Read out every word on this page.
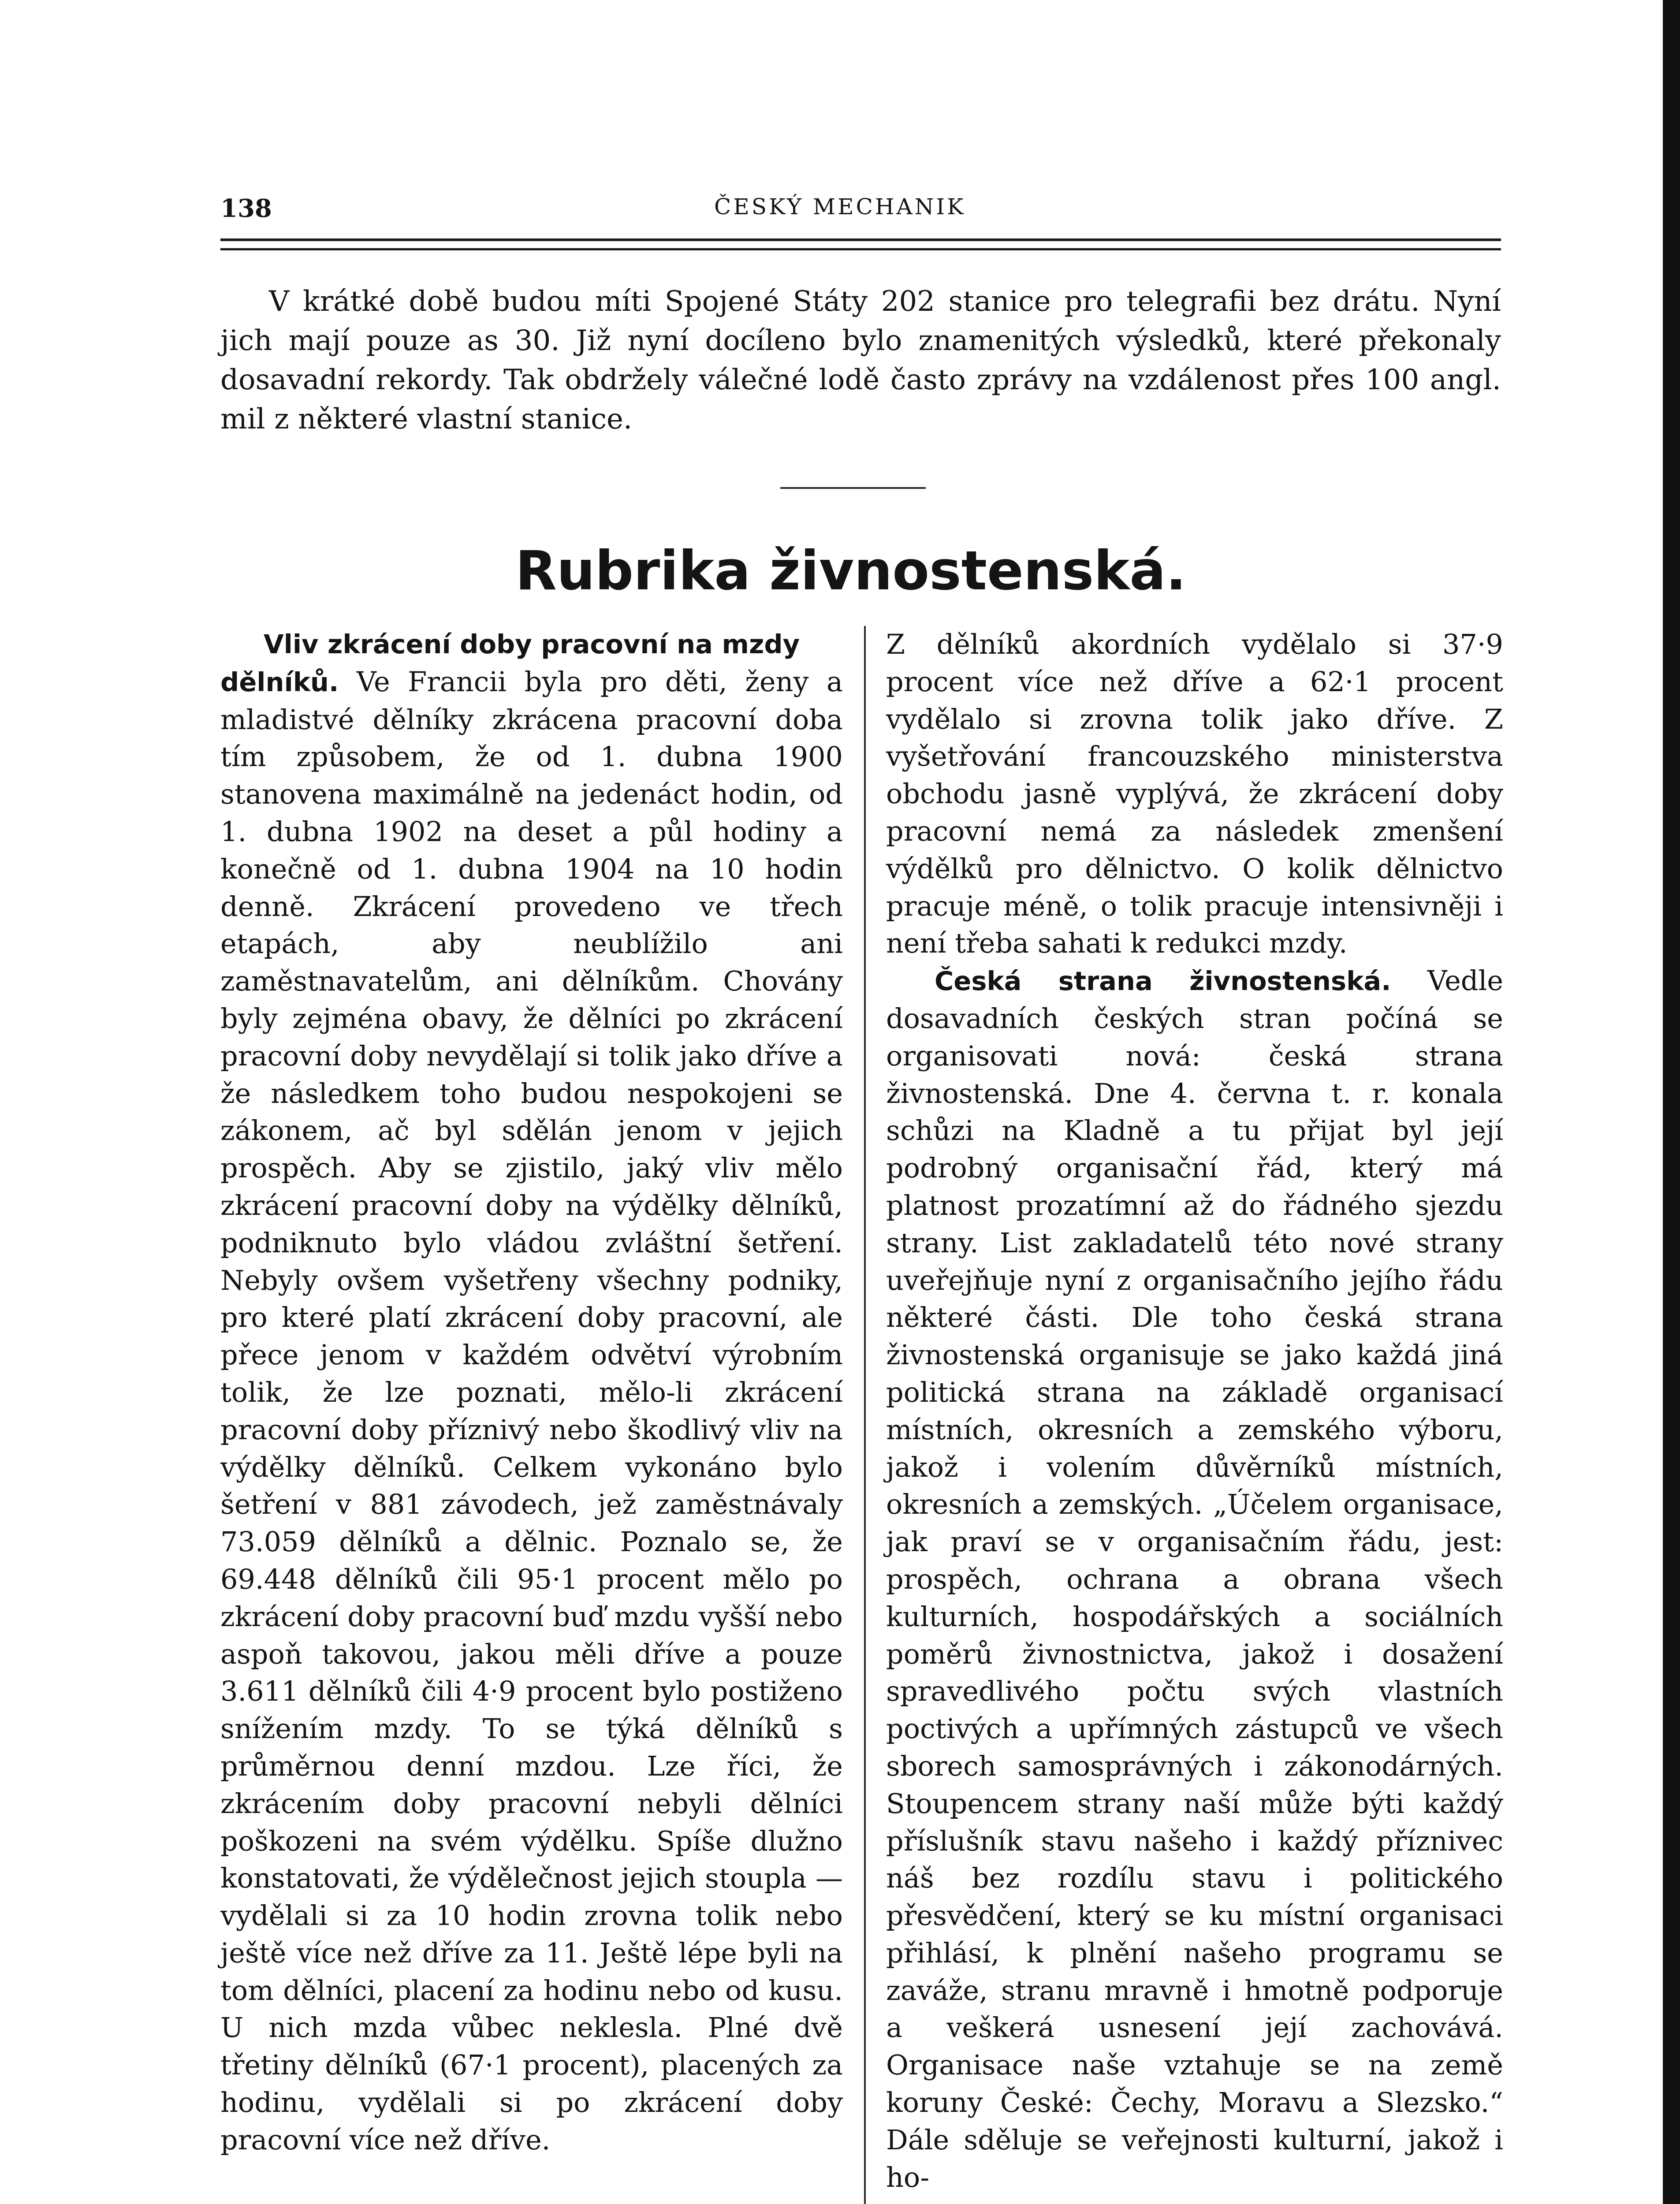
138	ČESKÝ MECHANIK
V krátké době budou míti Spojené Státy 202 stanice pro telegrafii bez drátu. Nyní jich mají pouze as 30. Již nyní docíleno bylo znamenitých výsledků, které překonaly dosavadní rekordy. Tak obdržely válečné lodě často zprávy na vzdálenost přes 100 angl. mil z některé vlastní stanice.
Rubrika živnostenská.

Vliv zkrácení doby pracovní na mzdy
dělníků. Ve Francii byla pro děti, ženy a mladistvé dělníky zkrácena pracovní doba tím způsobem, že od 1. dubna 1900 stanovena maximálně na jedenáct hodin, od 1. dubna 1902 na deset a půl hodiny a konečně od 1. dubna 1904 na 10 hodin denně. Zkrácení provedeno ve třech etapách, aby neublížilo ani zaměstnavatelům, ani dělníkům. Chovány byly zejména obavy, že dělníci po zkrácení pracovní doby nevydělají si tolik jako dříve a že následkem toho budou nespokojeni se zákonem, ač byl sdělán jenom v jejich prospěch. Aby se zjistilo, jaký vliv mělo zkrácení pracovní doby na výdělky dělníků, podniknuto bylo vládou zvláštní šetření. Nebyly ovšem vyšetřeny všechny podniky, pro které platí zkrácení doby pracovní, ale přece jenom v každém odvětví výrobním tolik, že lze poznati, mělo-li zkrácení pracovní doby příznivý nebo škodlivý vliv na výdělky dělníků. Celkem vykonáno bylo šetření v 881 závodech, jež zaměstnávaly 73.059 dělníků a dělnic. Poznalo se, že 69.448 dělníků čili 95·1 procent mělo po zkrácení doby pracovní buď mzdu vyšší nebo aspoň takovou, jakou měli dříve a pouze 3.611 dělníků čili 4·9 procent bylo postiženo snížením mzdy. To se týká dělníků s průměrnou denní mzdou. Lze říci, že zkrácením doby pracovní nebyli dělníci poškozeni na svém výdělku. Spíše dlužno konstatovati, že výdělečnost jejich stoupla — vydělali si za 10 hodin zrovna tolik nebo ještě více než dříve za 11. Ještě lépe byli na tom dělníci, placení za hodinu nebo od kusu. U nich mzda vůbec neklesla. Plné dvě třetiny dělníků (67·1 procent), placených za hodinu, vydělali si po zkrácení doby pracovní více než dříve.

Z dělníků akordních vydělalo si 37·9 procent více než dříve a 62·1 procent vydělalo si zrovna tolik jako dříve. Z vyšetřování francouzského ministerstva obchodu jasně vyplývá, že zkrácení doby pracovní nemá za následek zmenšení výdělků pro dělnictvo. O kolik dělnictvo pracuje méně, o tolik pracuje intensivněji i není třeba sahati k redukci mzdy.

Česká strana živnostenská. Vedle dosavadních českých stran počíná se organisovati nová: česká strana živnostenská. Dne 4. června t. r. konala schůzi na Kladně a tu přijat byl její podrobný organisační řád, který má platnost prozatímní až do řádného sjezdu strany. List zakladatelů této nové strany uveřejňuje nyní z organisačního jejího řádu některé části. Dle toho česká strana živnostenská organisuje se jako každá jiná politická strana na základě organisací místních, okresních a zemského výboru, jakož i volením důvěrníků místních, okresních a zemských. „Účelem organisace, jak praví se v organisačním řádu, jest: prospěch, ochrana a obrana všech kulturních, hospodářských a sociálních poměrů živnostnictva, jakož i dosažení spravedlivého počtu svých vlastních poctivých a upřímných zástupců ve všech sborech samosprávných i zákonodárných. Stoupencem strany naší může býti každý příslušník stavu našeho i každý příznivec náš bez rozdílu stavu i politického přesvědčení, který se ku místní organisaci přihlásí, k plnění našeho programu se zaváže, stranu mravně i hmotně podporuje a veškerá usnesení její zachovává. Organisace naše vztahuje se na země koruny České: Čechy, Moravu a Slezsko.“ Dále sděluje se veřejnosti kulturní, jakož i ho-
